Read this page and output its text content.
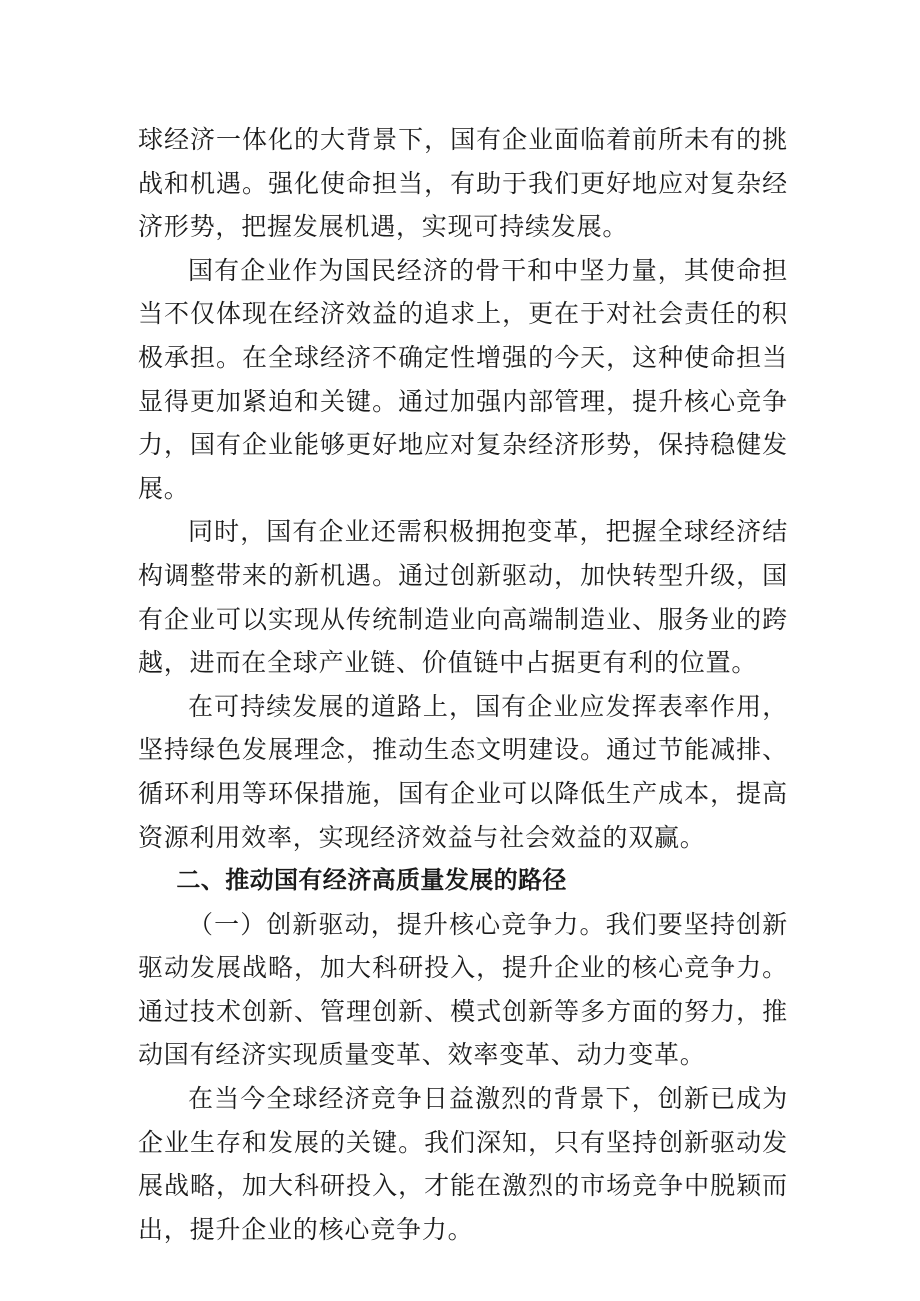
球经济一体化的大背景下，国有企业面临着前所未有的挑战和机遇。强化使命担当，有助于我们更好地应对复杂经济形势，把握发展机遇，实现可持续发展。

国有企业作为国民经济的骨干和中坚力量，其使命担当不仅体现在经济效益的追求上，更在于对社会责任的积极承担。在全球经济不确定性增强的今天，这种使命担当显得更加紧迫和关键。通过加强内部管理，提升核心竞争力，国有企业能够更好地应对复杂经济形势，保持稳健发展。

同时，国有企业还需积极拥抱变革，把握全球经济结构调整带来的新机遇。通过创新驱动，加快转型升级，国有企业可以实现从传统制造业向高端制造业、服务业的跨越，进而在全球产业链、价值链中占据更有利的位置。

在可持续发展的道路上，国有企业应发挥表率作用，坚持绿色发展理念，推动生态文明建设。通过节能减排、循环利用等环保措施，国有企业可以降低生产成本，提高资源利用效率，实现经济效益与社会效益的双赢。

二、推动国有经济高质量发展的路径

（一）创新驱动，提升核心竞争力。我们要坚持创新驱动发展战略，加大科研投入，提升企业的核心竞争力。通过技术创新、管理创新、模式创新等多方面的努力，推动国有经济实现质量变革、效率变革、动力变革。

在当今全球经济竞争日益激烈的背景下，创新已成为企业生存和发展的关键。我们深知，只有坚持创新驱动发展战略，加大科研投入，才能在激烈的市场竞争中脱颖而出，提升企业的核心竞争力。
